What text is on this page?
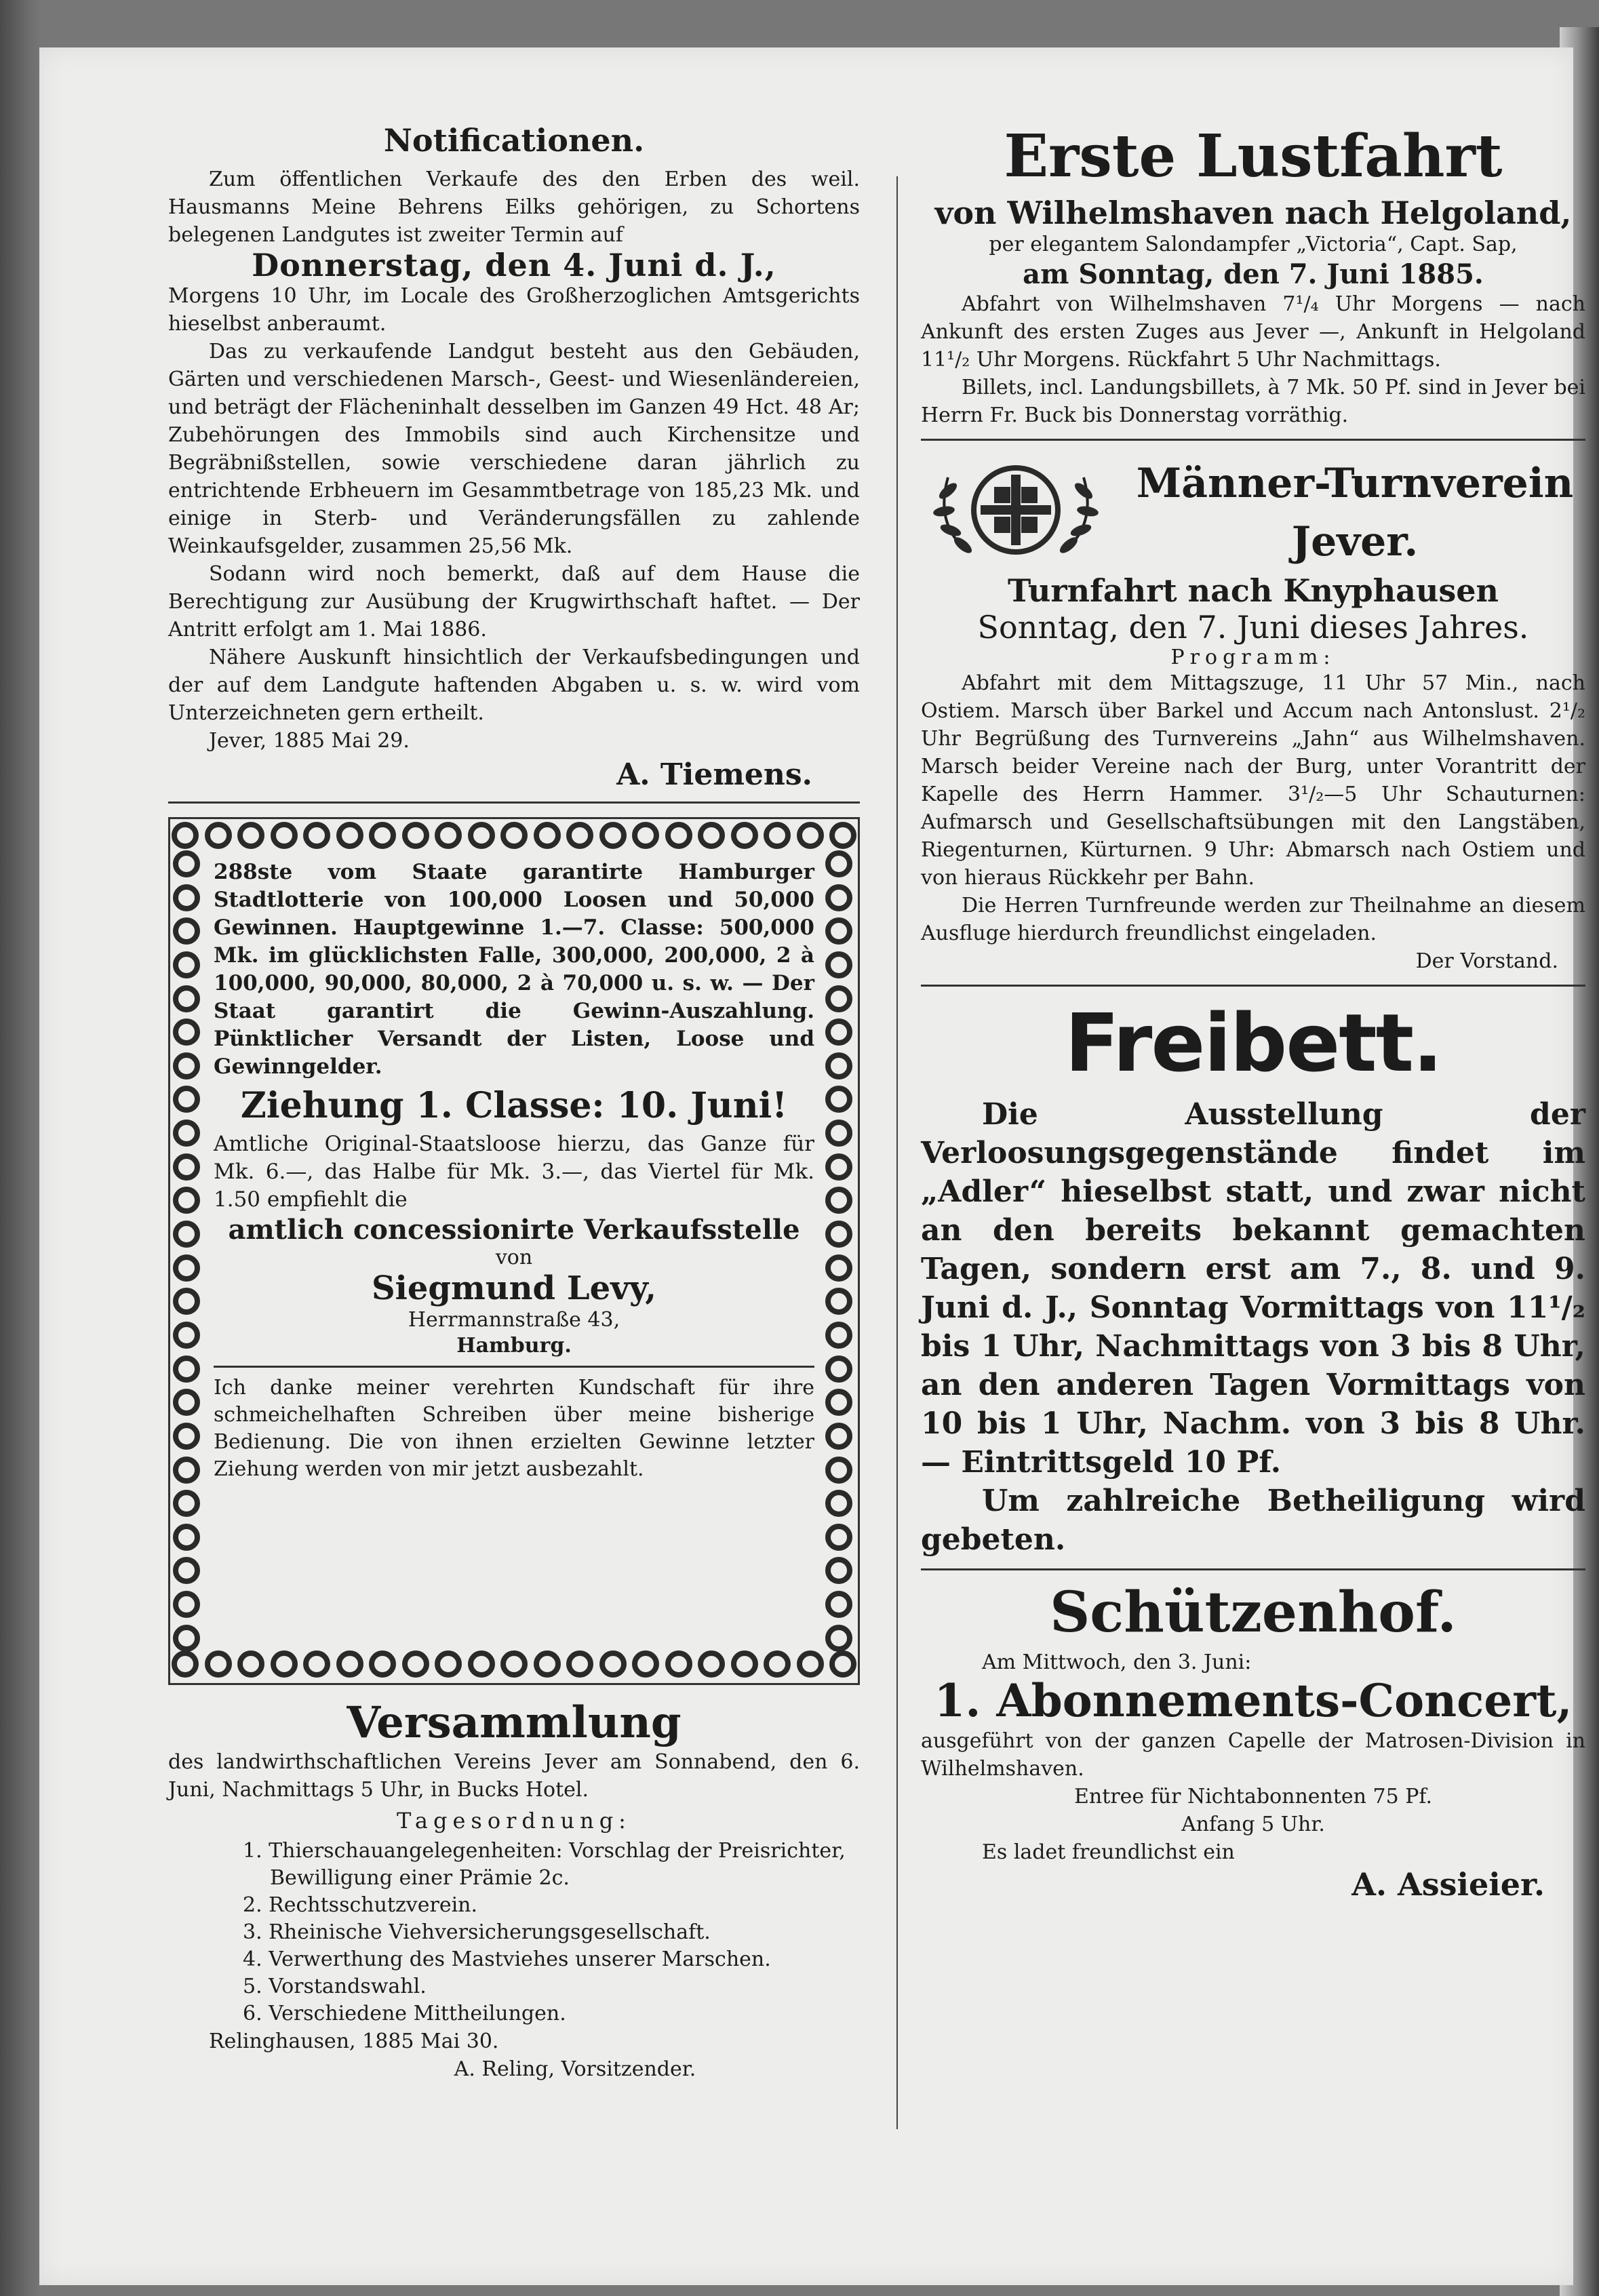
Notificationen.

Zum öffentlichen Verkaufe des den Erben des weil. Hausmanns Meine Behrens Eilks gehörigen, zu Schortens belegenen Landgutes ist zweiter Termin auf

Donnerstag, den 4. Juni d. J.,
Morgens 10 Uhr, im Locale des Großherzoglichen Amtsgerichts hieselbst anberaumt.

Das zu verkaufende Landgut besteht aus den Gebäuden, Gärten und verschiedenen Marsch-, Geest- und Wiesenländereien, und beträgt der Flächeninhalt desselben im Ganzen 49 Hct. 48 Ar; Zubehörungen des Immobils sind auch Kirchensitze und Begräbnißstellen, sowie verschiedene daran jährlich zu entrichtende Erbheuern im Gesammtbetrage von 185,23 Mk. und einige in Sterb- und Veränderungsfällen zu zahlende Weinkaufsgelder, zusammen 25,56 Mk.

Sodann wird noch bemerkt, daß auf dem Hause die Berechtigung zur Ausübung der Krugwirthschaft haftet. — Der Antritt erfolgt am 1. Mai 1886.

Nähere Auskunft hinsichtlich der Verkaufsbedingungen und der auf dem Landgute haftenden Abgaben u. s. w. wird vom Unterzeichneten gern ertheilt.

Jever, 1885 Mai 29.

A. Tiemens.
288ste vom Staate garantirte Hamburger Stadtlotterie von 100,000 Loosen und 50,000 Gewinnen. Hauptgewinne 1.—7. Classe: 500,000 Mk. im glücklichsten Falle, 300,000, 200,000, 2 à 100,000, 90,000, 80,000, 2 à 70,000 u. s. w. — Der Staat garantirt die Gewinn-Auszahlung. Pünktlicher Versandt der Listen, Loose und Gewinngelder.
Ziehung 1. Classe: 10. Juni!
Amtliche Original-Staatsloose hierzu, das Ganze für Mk. 6.—, das Halbe für Mk. 3.—, das Viertel für Mk. 1.50 empfiehlt die
amtlich concessionirte Verkaufsstelle
von
Siegmund Levy,
Herrmannstraße 43,
Hamburg.
Ich danke meiner verehrten Kundschaft für ihre schmeichelhaften Schreiben über meine bisherige Bedienung. Die von ihnen erzielten Gewinne letzter Ziehung werden von mir jetzt ausbezahlt.
Versammlung
des landwirthschaftlichen Vereins Jever am Sonnabend, den 6. Juni, Nachmittags 5 Uhr, in Bucks Hotel.
Tagesordnung:
1. Thierschauangelegenheiten: Vorschlag der Preisrichter, Bewilligung einer Prämie 2c.
2. Rechtsschutzverein.
3. Rheinische Viehversicherungsgesellschaft.
4. Verwerthung des Mastviehes unserer Marschen.
5. Vorstandswahl.
6. Verschiedene Mittheilungen.
Relinghausen, 1885 Mai 30.
A. Reling, Vorsitzender.
Erste Lustfahrt
von Wilhelmshaven nach Helgoland,
per elegantem Salondampfer „Victoria“, Capt. Sap,
am Sonntag, den 7. Juni 1885.

Abfahrt von Wilhelmshaven 7¹/₄ Uhr Morgens — nach Ankunft des ersten Zuges aus Jever —, Ankunft in Helgoland 11¹/₂ Uhr Morgens. Rückfahrt 5 Uhr Nachmittags.

Billets, incl. Landungsbillets, à 7 Mk. 50 Pf. sind in Jever bei Herrn Fr. Buck bis Donnerstag vorräthig.

Männer-Turnverein Jever.
Turnfahrt nach Knyphausen
Sonntag, den 7. Juni dieses Jahres.
Programm:

Abfahrt mit dem Mittagszuge, 11 Uhr 57 Min., nach Ostiem. Marsch über Barkel und Accum nach Antonslust. 2¹/₂ Uhr Begrüßung des Turnvereins „Jahn“ aus Wilhelmshaven. Marsch beider Vereine nach der Burg, unter Vorantritt der Kapelle des Herrn Hammer. 3¹/₂—5 Uhr Schauturnen: Aufmarsch und Gesellschaftsübungen mit den Langstäben, Riegenturnen, Kürturnen. 9 Uhr: Abmarsch nach Ostiem und von hieraus Rückkehr per Bahn.

Die Herren Turnfreunde werden zur Theilnahme an diesem Ausfluge hierdurch freundlichst eingeladen.

Der Vorstand.
Freibett.

Die Ausstellung der Verloosungsgegenstände findet im „Adler“ hieselbst statt, und zwar nicht an den bereits bekannt gemachten Tagen, sondern erst am 7., 8. und 9. Juni d. J., Sonntag Vormittags von 11¹/₂ bis 1 Uhr, Nachmittags von 3 bis 8 Uhr, an den anderen Tagen Vormittags von 10 bis 1 Uhr, Nachm. von 3 bis 8 Uhr. — Eintrittsgeld 10 Pf.

Um zahlreiche Betheiligung wird gebeten.

Schützenhof.
Am Mittwoch, den 3. Juni:
1. Abonnements-Concert,
ausgeführt von der ganzen Capelle der Matrosen-Division in Wilhelmshaven.
Entree für Nichtabonnenten 75 Pf.
Anfang 5 Uhr.
Es ladet freundlichst ein
A. Assieier.
